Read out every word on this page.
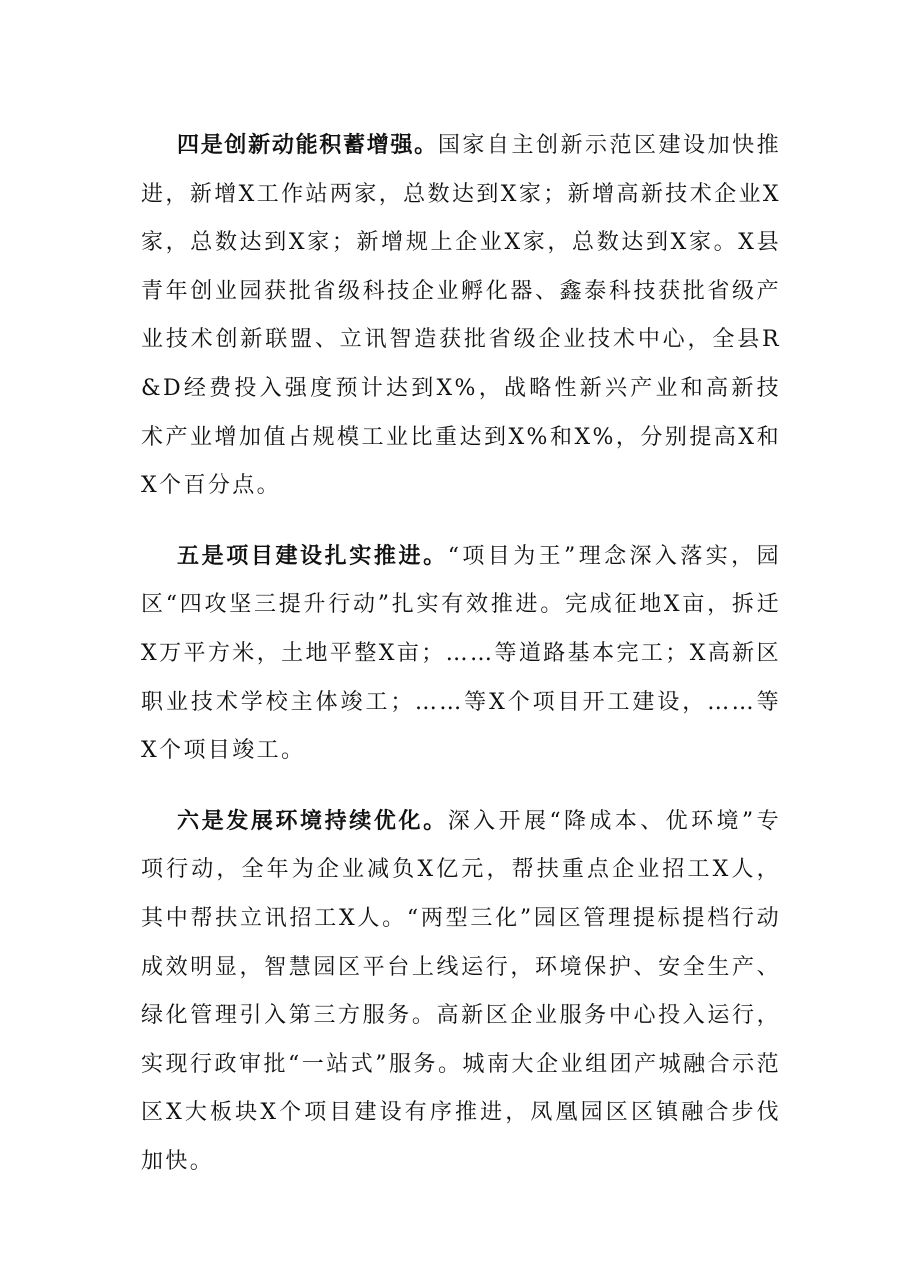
四是创新动能积蓄增强。国家自主创新示范区建设加快推进，新增X工作站两家，总数达到X家；新增高新技术企业X家，总数达到X家；新增规上企业X家，总数达到X家。X县青年创业园获批省级科技企业孵化器、鑫泰科技获批省级产业技术创新联盟、立讯智造获批省级企业技术中心，全县R&D经费投入强度预计达到X%，战略性新兴产业和高新技术产业增加值占规模工业比重达到X%和X%，分别提高X和X个百分点。

五是项目建设扎实推进。“项目为王”理念深入落实，园区“四攻坚三提升行动”扎实有效推进。完成征地X亩，拆迁X万平方米，土地平整X亩；……等道路基本完工；X高新区职业技术学校主体竣工；……等X个项目开工建设，……等X个项目竣工。

六是发展环境持续优化。深入开展“降成本、优环境”专项行动，全年为企业减负X亿元，帮扶重点企业招工X人，其中帮扶立讯招工X人。“两型三化”园区管理提标提档行动成效明显，智慧园区平台上线运行，环境保护、安全生产、绿化管理引入第三方服务。高新区企业服务中心投入运行，实现行政审批“一站式”服务。城南大企业组团产城融合示范区X大板块X个项目建设有序推进，凤凰园区区镇融合步伐加快。
